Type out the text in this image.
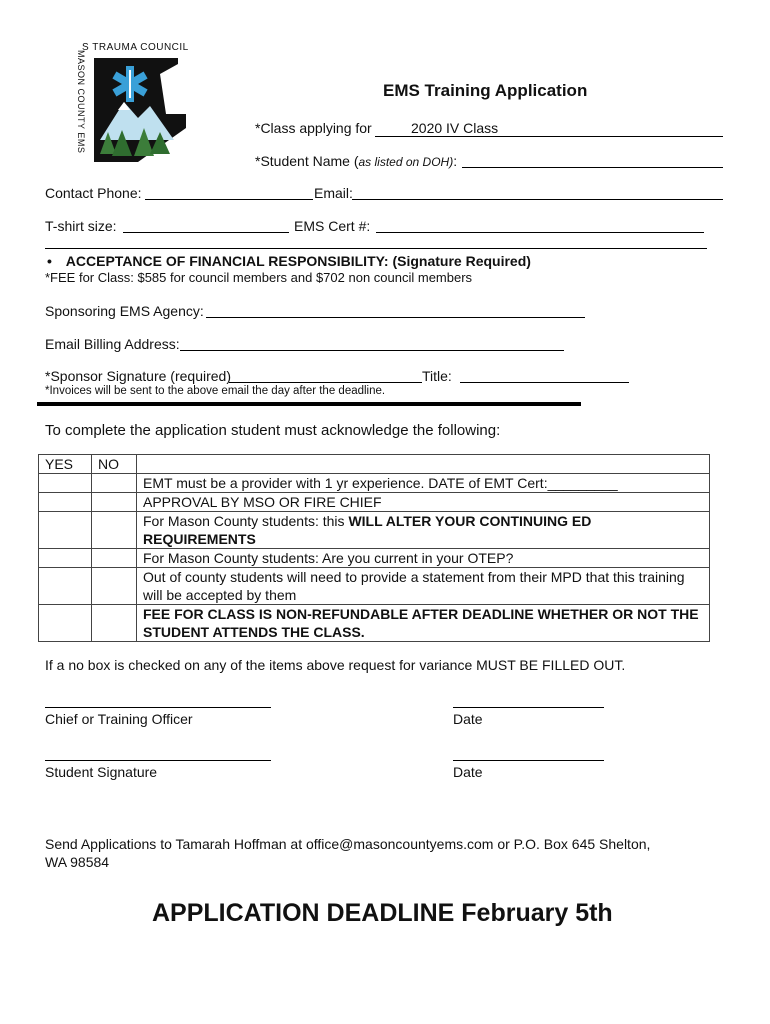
S TRAUMA COUNCIL
MASON COUNTY EMS	EMS Training Application
*Class applying for	2020 IV Class
*Student Name (as listed on DOH):
Contact Phone:	Email:
T-shirt size:	EMS Cert #:
• ACCEPTANCE OF FINANCIAL RESPONSIBILITY: (Signature Required)
*FEE for Class: $585 for council members and $702 non council members
Sponsoring EMS Agency:
Email Billing Address:
*Sponsor Signature (required)	Title:
*Invoices will be sent to the above email the day after the deadline.
To complete the application student must acknowledge the following:
YES	NO	
		EMT must be a provider with 1 yr experience. DATE of EMT Cert:_________
		APPROVAL BY MSO OR FIRE CHIEF
		For Mason County students: this WILL ALTER YOUR CONTINUING ED REQUIREMENTS
		For Mason County students: Are you current in your OTEP?
		Out of county students will need to provide a statement from their MPD that this training will be accepted by them
		FEE FOR CLASS IS NON-REFUNDABLE AFTER DEADLINE WHETHER OR NOT THE STUDENT ATTENDS THE CLASS.
If a no box is checked on any of the items above request for variance MUST BE FILLED OUT.
Chief or Training Officer	Date
Student Signature	Date
Send Applications to Tamarah Hoffman at office@masoncountyems.com or P.O. Box 645 Shelton,
WA 98584
APPLICATION DEADLINE February 5th
